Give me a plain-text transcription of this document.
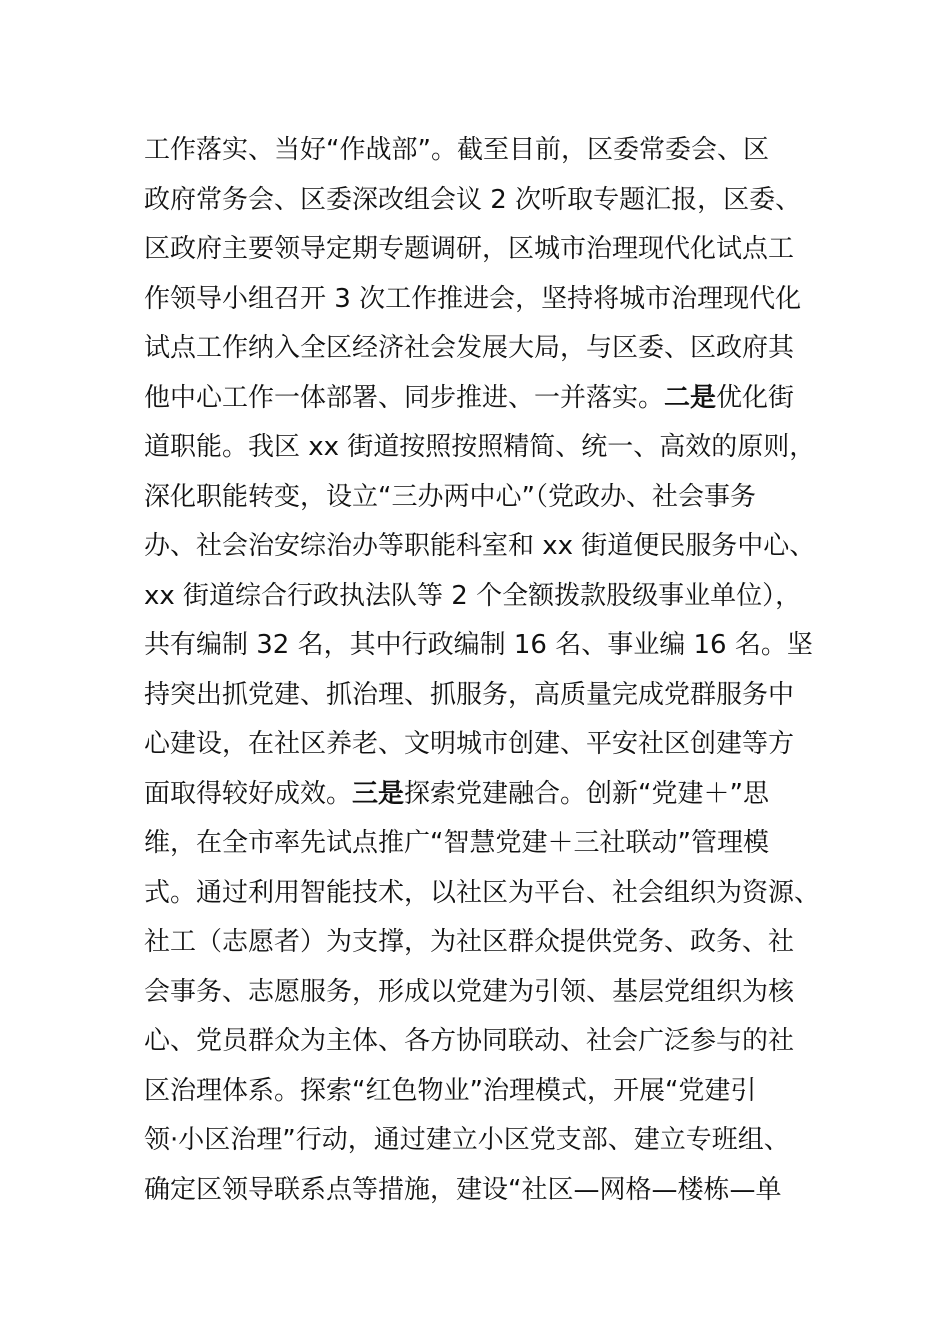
工作落实、当好“作战部”。截至目前，区委常委会、区
政府常务会、区委深改组会议 2 次听取专题汇报，区委、
区政府主要领导定期专题调研，区城市治理现代化试点工
作领导小组召开 3 次工作推进会，坚持将城市治理现代化
试点工作纳入全区经济社会发展大局，与区委、区政府其
他中心工作一体部署、同步推进、一并落实。二是优化街
道职能。我区 xx 街道按照按照精简、统一、高效的原则，
深化职能转变，设立“三办两中心”（党政办、社会事务
办、社会治安综治办等职能科室和 xx 街道便民服务中心、
xx 街道综合行政执法队等 2 个全额拨款股级事业单位），
共有编制 32 名，其中行政编制 16 名、事业编 16 名。坚
持突出抓党建、抓治理、抓服务，高质量完成党群服务中
心建设，在社区养老、文明城市创建、平安社区创建等方
面取得较好成效。三是探索党建融合。创新“党建＋”思
维，在全市率先试点推广“智慧党建＋三社联动”管理模
式。通过利用智能技术，以社区为平台、社会组织为资源、
社工（志愿者）为支撑，为社区群众提供党务、政务、社
会事务、志愿服务，形成以党建为引领、基层党组织为核
心、党员群众为主体、各方协同联动、社会广泛参与的社
区治理体系。探索“红色物业”治理模式，开展“党建引
领·小区治理”行动，通过建立小区党支部、建立专班组、
确定区领导联系点等措施，建设“社区—网格—楼栋—单
